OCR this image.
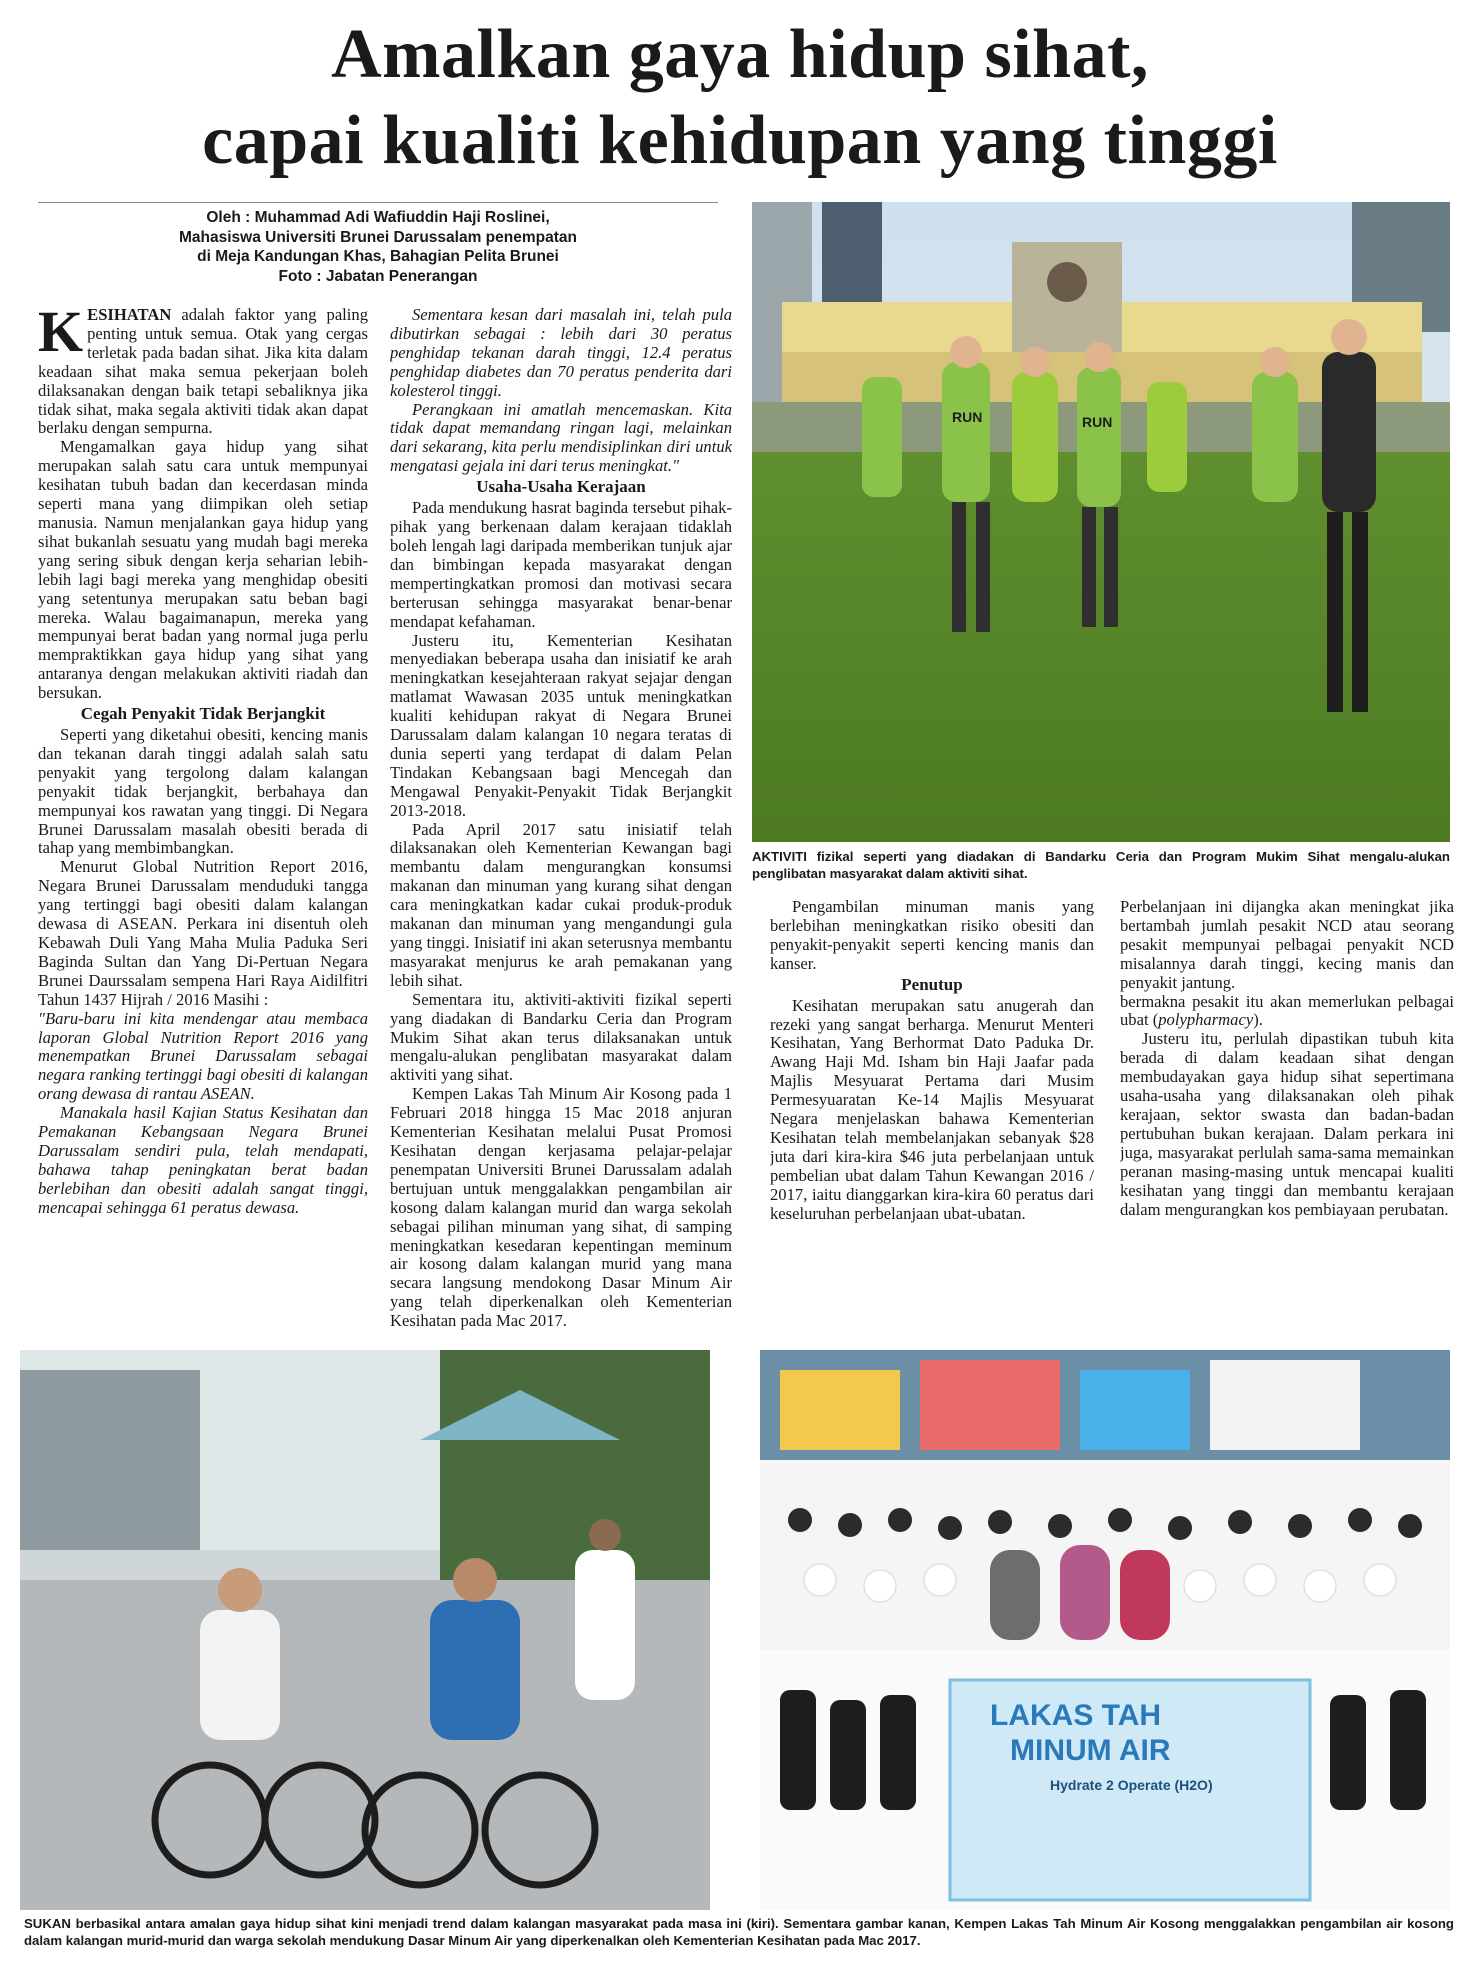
Amalkan gaya hidup sihat,
capai kualiti kehidupan yang tinggi
Oleh : Muhammad Adi Wafiuddin Haji Roslinei,
Mahasiswa Universiti Brunei Darussalam penempatan
di Meja Kandungan Khas, Bahagian Pelita Brunei
Foto : Jabatan Penerangan

KESIHATAN adalah faktor yang paling penting untuk semua. Otak yang cergas terletak pada badan sihat. Jika kita dalam keadaan sihat maka semua pekerjaan boleh dilaksanakan dengan baik tetapi sebaliknya jika tidak sihat, maka segala aktiviti tidak akan dapat berlaku dengan sempurna.

Mengamalkan gaya hidup yang sihat merupakan salah satu cara untuk mempunyai kesihatan tubuh badan dan kecerdasan minda seperti mana yang diimpikan oleh setiap manusia. Namun menjalankan gaya hidup yang sihat bukanlah sesuatu yang mudah bagi mereka yang sering sibuk dengan kerja seharian lebih-lebih lagi bagi mereka yang menghidap obesiti yang setentunya merupakan satu beban bagi mereka. Walau bagaimanapun, mereka yang mempunyai berat badan yang normal juga perlu mempraktikkan gaya hidup yang sihat yang antaranya dengan melakukan aktiviti riadah dan bersukan.

Cegah Penyakit Tidak Berjangkit

Seperti yang diketahui obesiti, kencing manis dan tekanan darah tinggi adalah salah satu penyakit yang tergolong dalam kalangan penyakit tidak berjangkit, berbahaya dan mempunyai kos rawatan yang tinggi. Di Negara Brunei Darussalam masalah obesiti berada di tahap yang membimbangkan.

Menurut Global Nutrition Report 2016, Negara Brunei Darussalam menduduki tangga yang tertinggi bagi obesiti dalam kalangan dewasa di ASEAN. Perkara ini disentuh oleh Kebawah Duli Yang Maha Mulia Paduka Seri Baginda Sultan dan Yang Di-Pertuan Negara Brunei Daurssalam sempena Hari Raya Aidilfitri Tahun 1437 Hijrah / 2016 Masihi :

"Baru-baru ini kita mendengar atau membaca laporan Global Nutrition Report 2016 yang menempatkan Brunei Darussalam sebagai negara ranking tertinggi bagi obesiti di kalangan orang dewasa di rantau ASEAN.

Manakala hasil Kajian Status Kesihatan dan Pemakanan Kebangsaan Negara Brunei Darussalam sendiri pula, telah mendapati, bahawa tahap peningkatan berat badan berlebihan dan obesiti adalah sangat tinggi, mencapai sehingga 61 peratus dewasa.

Sementara kesan dari masalah ini, telah pula dibutirkan sebagai : lebih dari 30 peratus penghidap tekanan darah tinggi, 12.4 peratus penghidap diabetes dan 70 peratus penderita dari kolesterol tinggi.

Perangkaan ini amatlah mencemaskan. Kita tidak dapat memandang ringan lagi, melainkan dari sekarang, kita perlu mendisiplinkan diri untuk mengatasi gejala ini dari terus meningkat."

Usaha-Usaha Kerajaan

Pada mendukung hasrat baginda tersebut pihak-pihak yang berkenaan dalam kerajaan tidaklah boleh lengah lagi daripada memberikan tunjuk ajar dan bimbingan kepada masyarakat dengan mempertingkatkan promosi dan motivasi secara berterusan sehingga masyarakat benar-benar mendapat kefahaman.

Justeru itu, Kementerian Kesihatan menyediakan beberapa usaha dan inisiatif ke arah meningkatkan kesejahteraan rakyat sejajar dengan matlamat Wawasan 2035 untuk meningkatkan kualiti kehidupan rakyat di Negara Brunei Darussalam dalam kalangan 10 negara teratas di dunia seperti yang terdapat di dalam Pelan Tindakan Kebangsaan bagi Mencegah dan Mengawal Penyakit-Penyakit Tidak Berjangkit 2013-2018.

Pada April 2017 satu inisiatif telah dilaksanakan oleh Kementerian Kewangan bagi membantu dalam mengurangkan konsumsi makanan dan minuman yang kurang sihat dengan cara meningkatkan kadar cukai produk-produk makanan dan minuman yang mengandungi gula yang tinggi. Inisiatif ini akan seterusnya membantu masyarakat menjurus ke arah pemakanan yang lebih sihat.

Sementara itu, aktiviti-aktiviti fizikal seperti yang diadakan di Bandarku Ceria dan Program Mukim Sihat akan terus dilaksanakan untuk mengalu-alukan penglibatan masyarakat dalam aktiviti yang sihat.

Kempen Lakas Tah Minum Air Kosong pada 1 Februari 2018 hingga 15 Mac 2018 anjuran Kementerian Kesihatan melalui Pusat Promosi Kesihatan dengan kerjasama pelajar-pelajar penempatan Universiti Brunei Darussalam adalah bertujuan untuk menggalakkan pengambilan air kosong dalam kalangan murid dan warga sekolah sebagai pilihan minuman yang sihat, di samping meningkatkan kesedaran kepentingan meminum air kosong dalam kalangan murid yang mana secara langsung mendokong Dasar Minum Air yang telah diperkenalkan oleh Kementerian Kesihatan pada Mac 2017.

Pengambilan minuman manis yang berlebihan meningkatkan risiko obesiti dan penyakit-penyakit seperti kencing manis dan kanser.

Penutup

Kesihatan merupakan satu anugerah dan rezeki yang sangat berharga. Menurut Menteri Kesihatan, Yang Berhormat Dato Paduka Dr. Awang Haji Md. Isham bin Haji Jaafar pada Majlis Mesyuarat Pertama dari Musim Permesyuaratan Ke-14 Majlis Mesyuarat Negara menjelaskan bahawa Kementerian Kesihatan telah membelanjakan sebanyak $28 juta dari kira-kira $46 juta perbelanjaan untuk pembelian ubat dalam Tahun Kewangan 2016 / 2017, iaitu dianggarkan kira-kira 60 peratus dari keseluruhan perbelanjaan ubat-ubatan.

Perbelanjaan ini dijangka akan meningkat jika bertambah jumlah pesakit NCD atau seorang pesakit mempunyai pelbagai penyakit NCD misalannya darah tinggi, kecing manis dan penyakit jantung.

bermakna pesakit itu akan memerlukan pelbagai ubat (polypharmacy).

Justeru itu, perlulah dipastikan tubuh kita berada di dalam keadaan sihat dengan membudayakan gaya hidup sihat sepertimana usaha-usaha yang dilaksanakan oleh pihak kerajaan, sektor swasta dan badan-badan pertubuhan bukan kerajaan. Dalam perkara ini juga, masyarakat perlulah sama-sama memainkan peranan masing-masing untuk mencapai kualiti kesihatan yang tinggi dan membantu kerajaan dalam mengurangkan kos pembiayaan perubatan.

RUN	RUN
AKTIVITI fizikal seperti yang diadakan di Bandarku Ceria dan Program Mukim Sihat mengalu-alukan penglibatan masyarakat dalam aktiviti sihat.
LAKAS TAH
MINUM AIR
Hydrate 2 Operate (H2O)
SUKAN berbasikal antara amalan gaya hidup sihat kini menjadi trend dalam kalangan masyarakat pada masa ini (kiri). Sementara gambar kanan, Kempen Lakas Tah Minum Air Kosong menggalakkan pengambilan air kosong dalam kalangan murid-murid dan warga sekolah mendukung Dasar Minum Air yang diperkenalkan oleh Kementerian Kesihatan pada Mac 2017.
